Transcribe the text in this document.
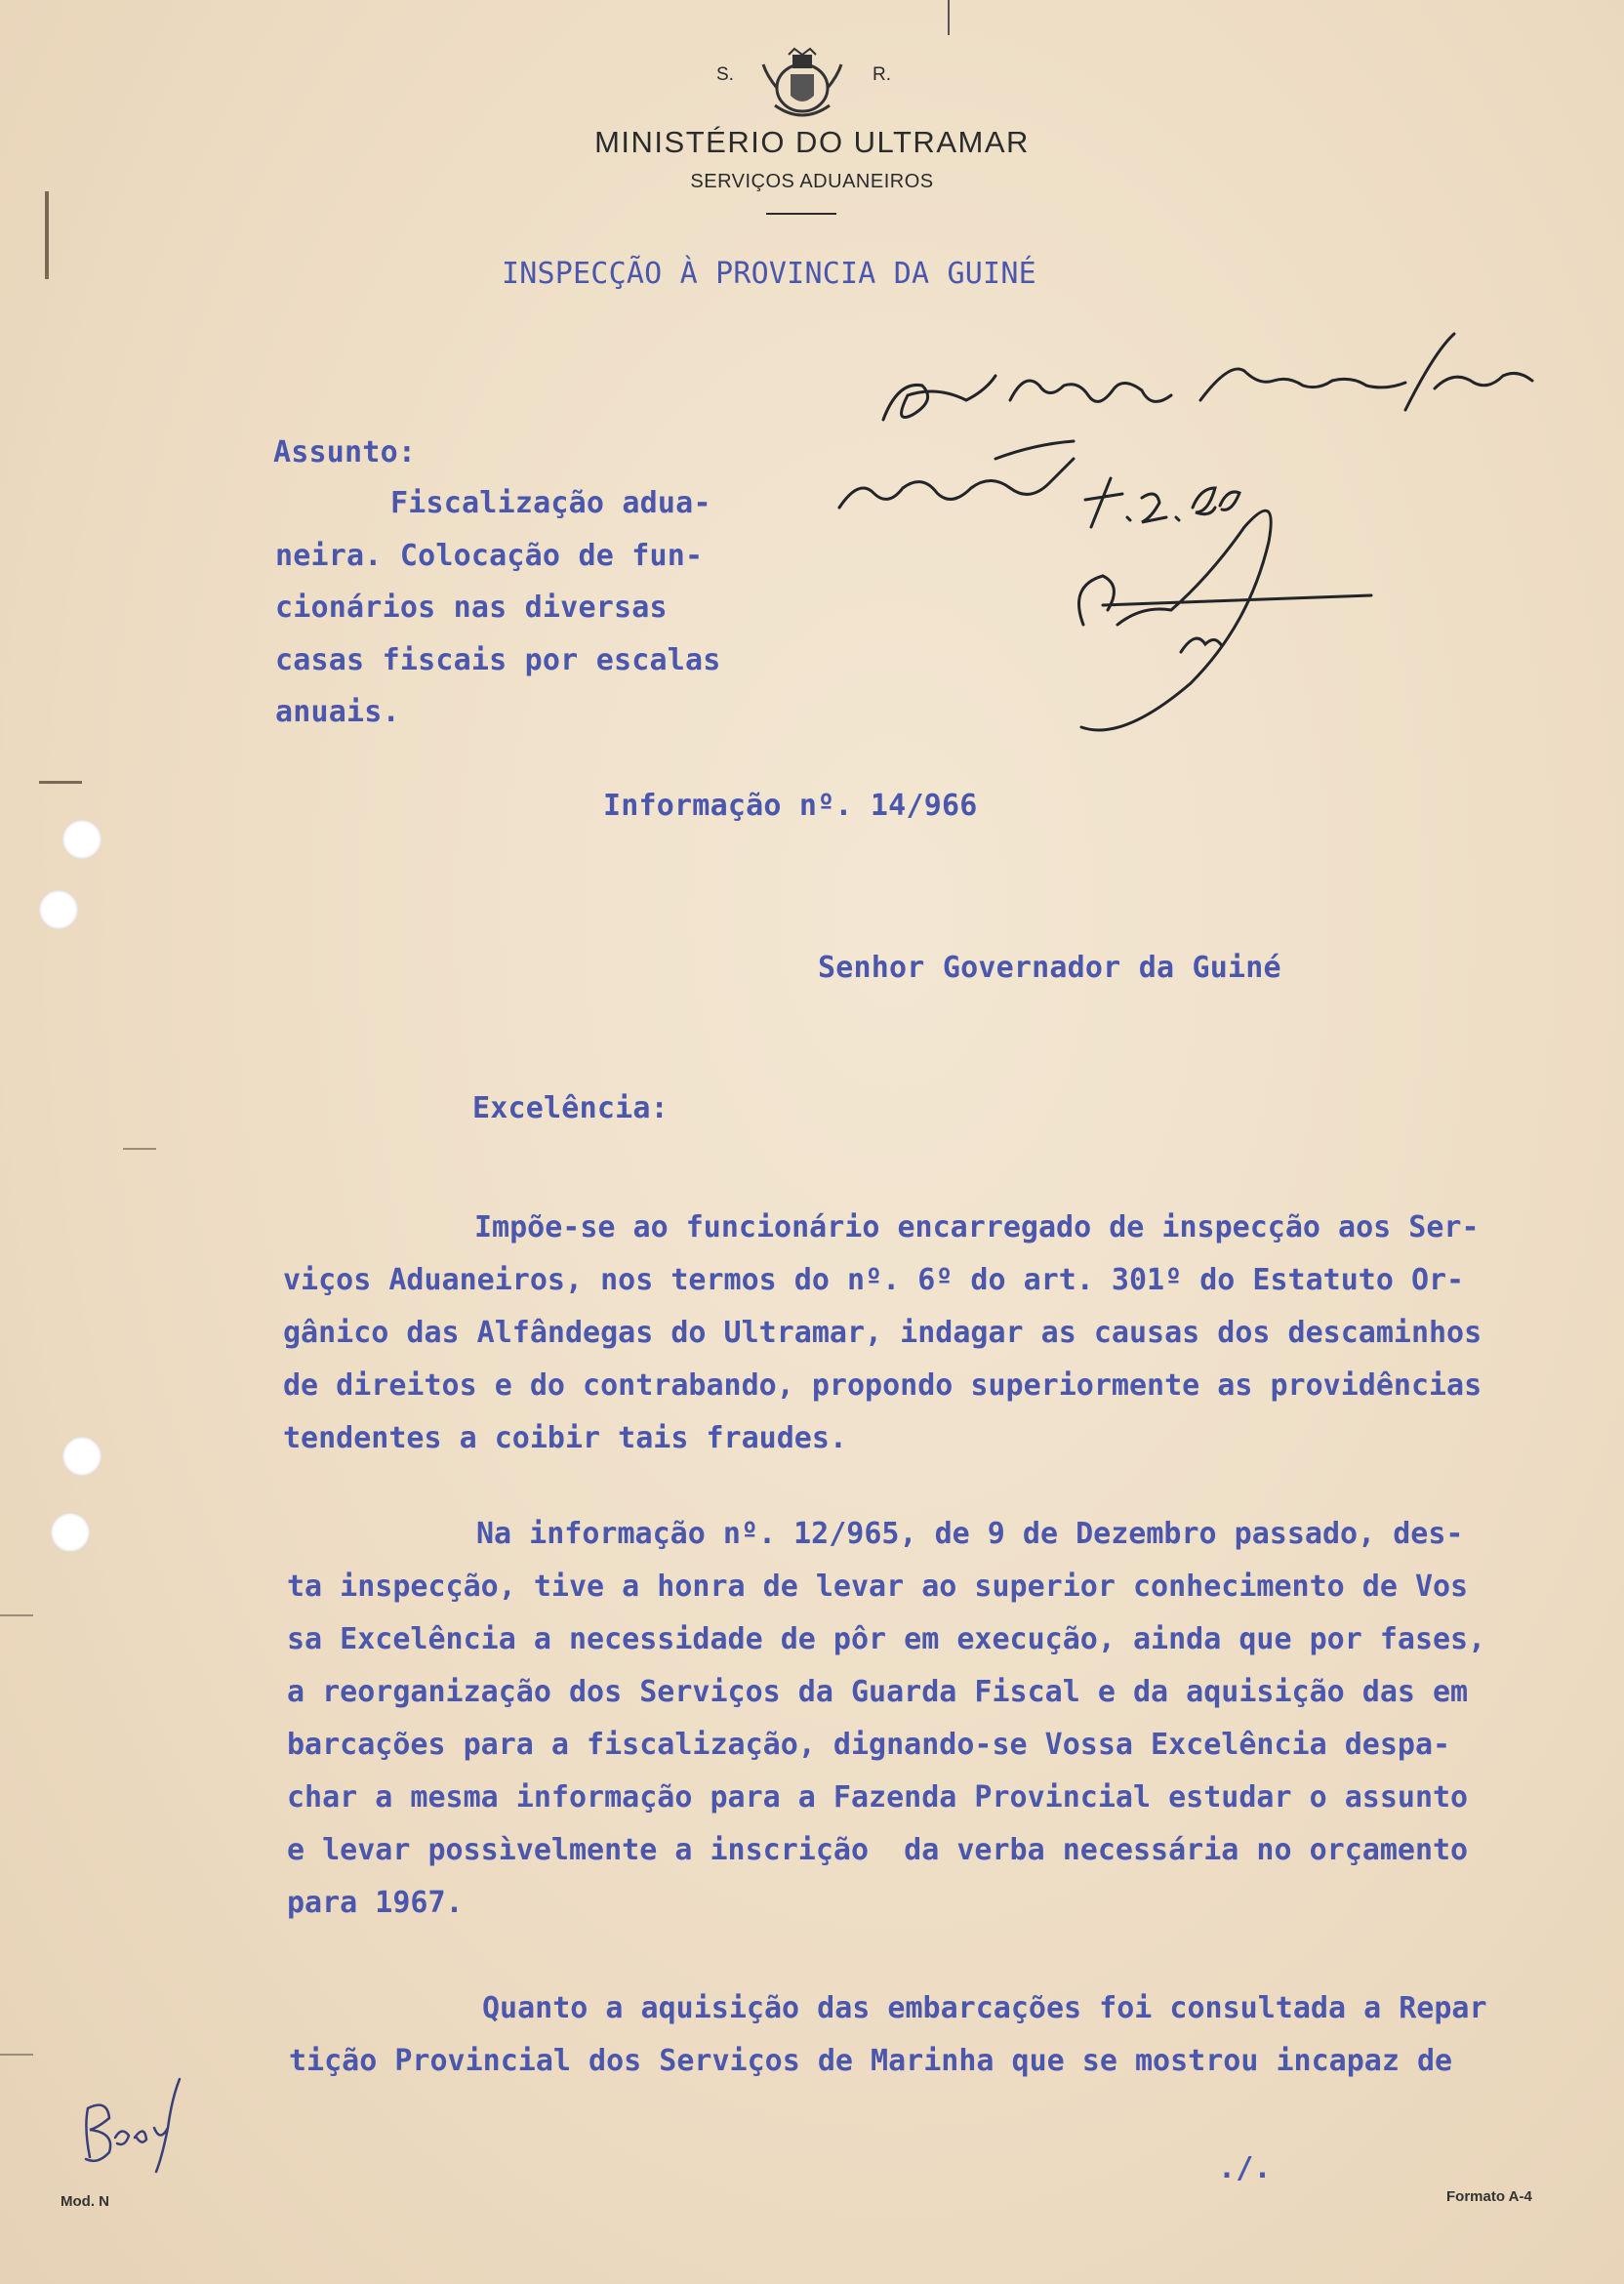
S.	R.
MINISTÉRIO DO ULTRAMAR
SERVIÇOS ADUANEIROS
INSPECÇÃO À PROVINCIA DA GUINÉ
Assunto:
Fiscalização adua-
neira. Colocação de fun-
cionários nas diversas
casas fiscais por escalas
anuais.
Informação nº. 14/966
Senhor Governador da Guiné
Excelência:
Impõe-se ao funcionário encarregado de inspecção aos Ser-
viços Aduaneiros, nos termos do nº. 6º do art. 301º do Estatuto Or-
gânico das Alfândegas do Ultramar, indagar as causas dos descaminhos
de direitos e do contrabando, propondo superiormente as providências
tendentes a coibir tais fraudes.
Na informação nº. 12/965, de 9 de Dezembro passado, des-
ta inspecção, tive a honra de levar ao superior conhecimento de Vos
sa Excelência a necessidade de pôr em execução, ainda que por fases,
a reorganização dos Serviços da Guarda Fiscal e da aquisição das em
barcações para a fiscalização, dignando-se Vossa Excelência despa-
char a mesma informação para a Fazenda Provincial estudar o assunto
e levar possìvelmente a inscrição  da verba necessária no orçamento
para 1967.
Quanto a aquisição das embarcações foi consultada a Repar
tição Provincial dos Serviços de Marinha que se mostrou incapaz de
./.
Mod. N	Formato A-4
